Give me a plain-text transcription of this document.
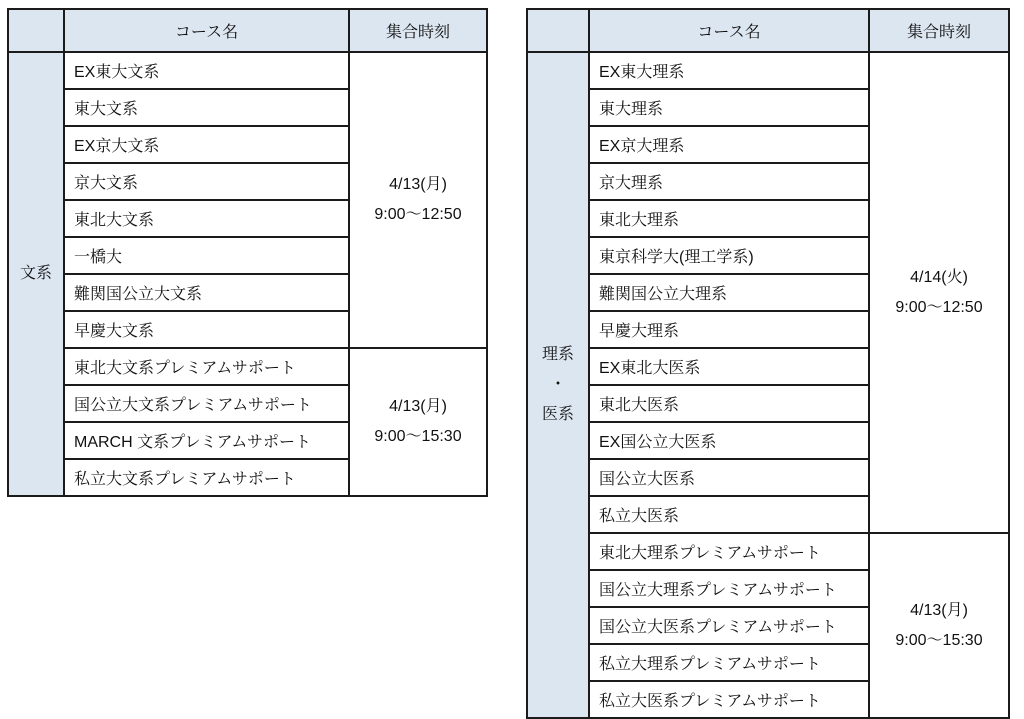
	コース名	集合時刻

文系	EX東大文系	4/13(月)
9:00～12:50

	東大文系	
	EX京大文系	
	京大文系	
	東北大文系	
	一橋大	
	難関国公立大文系	
	早慶大文系	
	東北大文系プレミアムサポート	4/13(月)
9:00～15:30

	国公立大文系プレミアムサポート	
	MARCH 文系プレミアムサポート	
	私立大文系プレミアムサポート	
	コース名	集合時刻

理系
・
医系
	EX東大理系	
4/14(火)
9:00～12:50

	東大理系	
	EX京大理系	
	京大理系	
	東北大理系	
	東京科学大(理工学系)	
	難関国公立大理系	
	早慶大理系	
	EX東北大医系	
	東北大医系	
	EX国公立大医系	
	国公立大医系	
	私立大医系	
	東北大理系プレミアムサポート	4/13(月)
9:00～15:30

	国公立大理系プレミアムサポート	
	国公立大医系プレミアムサポート	
	私立大理系プレミアムサポート	
	私立大医系プレミアムサポート	
